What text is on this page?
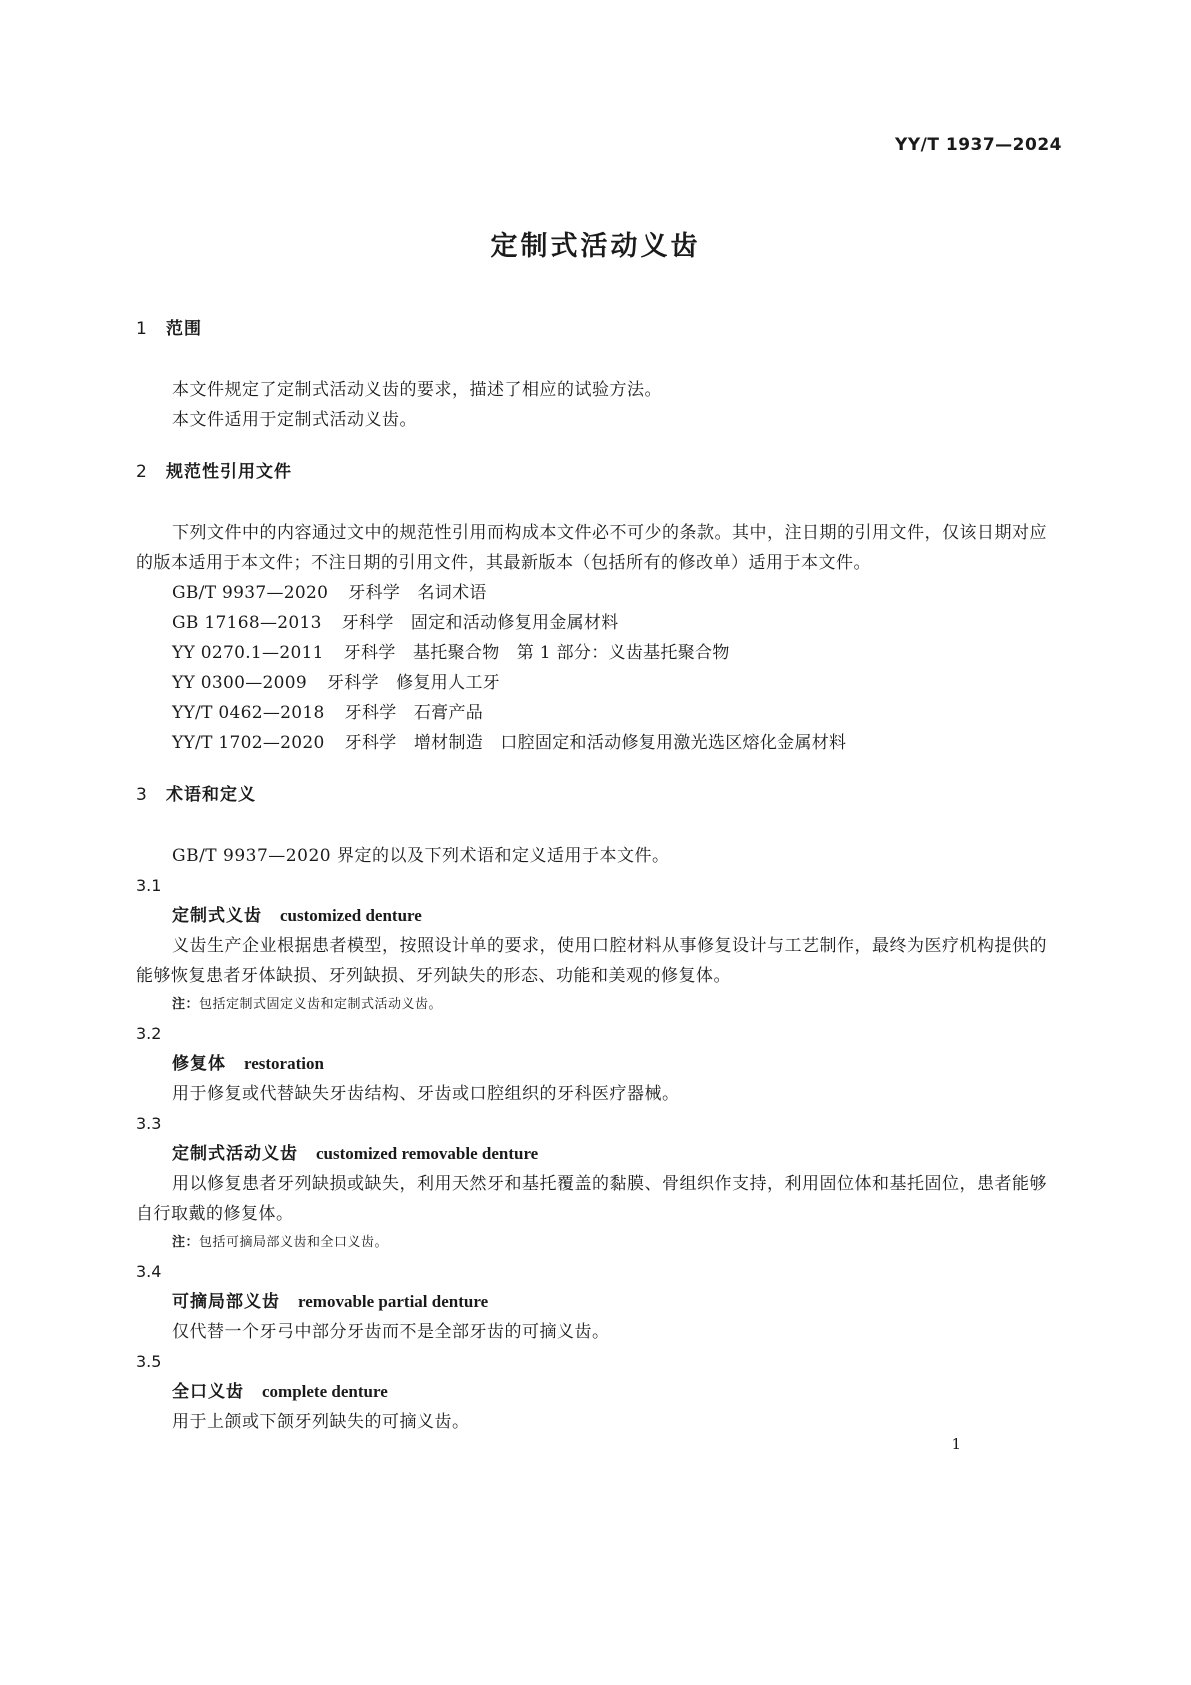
YY/T 1937—2024
定制式活动义齿
1 范围

本文件规定了定制式活动义齿的要求，描述了相应的试验方法。

本文件适用于定制式活动义齿。

2 规范性引用文件

下列文件中的内容通过文中的规范性引用而构成本文件必不可少的条款。其中，注日期的引用文件，仅该日期对应的版本适用于本文件；不注日期的引用文件，其最新版本（包括所有的修改单）适用于本文件。

GB/T 9937—2020 牙科学　名词术语

GB 17168—2013 牙科学　固定和活动修复用金属材料

YY 0270.1—2011 牙科学　基托聚合物　第 1 部分：义齿基托聚合物

YY 0300—2009 牙科学　修复用人工牙

YY/T 0462—2018 牙科学　石膏产品

YY/T 1702—2020 牙科学　增材制造　口腔固定和活动修复用激光选区熔化金属材料

3 术语和定义

GB/T 9937—2020 界定的以及下列术语和定义适用于本文件。

3.1

定制式义齿 customized denture

义齿生产企业根据患者模型，按照设计单的要求，使用口腔材料从事修复设计与工艺制作，最终为医疗机构提供的能够恢复患者牙体缺损、牙列缺损、牙列缺失的形态、功能和美观的修复体。

注：包括定制式固定义齿和定制式活动义齿。

3.2

修复体 restoration

用于修复或代替缺失牙齿结构、牙齿或口腔组织的牙科医疗器械。

3.3

定制式活动义齿 customized removable denture

用以修复患者牙列缺损或缺失，利用天然牙和基托覆盖的黏膜、骨组织作支持，利用固位体和基托固位，患者能够自行取戴的修复体。

注：包括可摘局部义齿和全口义齿。

3.4

可摘局部义齿 removable partial denture

仅代替一个牙弓中部分牙齿而不是全部牙齿的可摘义齿。

3.5

全口义齿 complete denture

用于上颌或下颌牙列缺失的可摘义齿。

1
